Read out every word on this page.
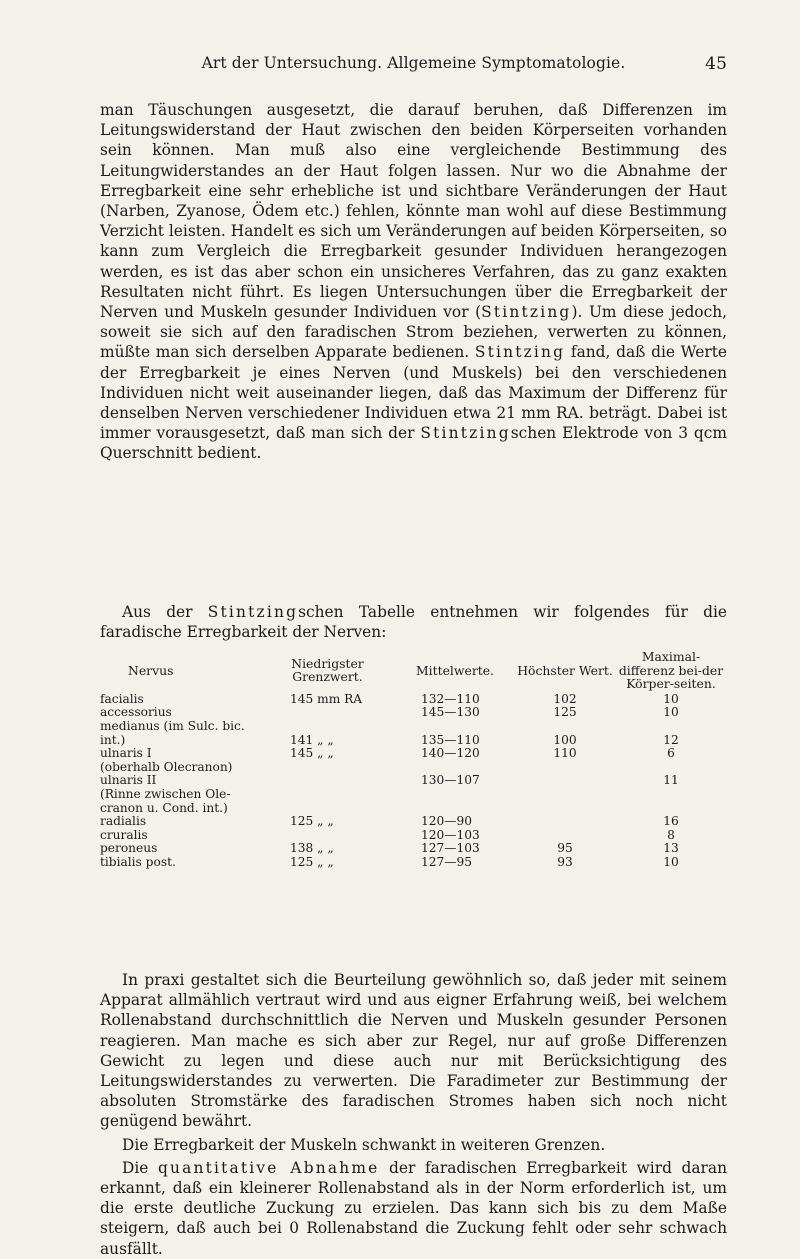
Art der Untersuchung. Allgemeine Symptomatologie.	45

man Täuschungen ausgesetzt, die darauf beruhen, daß Differenzen im Leitungswiderstand der Haut zwischen den beiden Körperseiten vorhanden sein können. Man muß also eine vergleichende Bestimmung des Leitungwiderstandes an der Haut folgen lassen. Nur wo die Abnahme der Erregbarkeit eine sehr erhebliche ist und sichtbare Veränderungen der Haut (Narben, Zyanose, Ödem etc.) fehlen, könnte man wohl auf diese Bestimmung Verzicht leisten. Handelt es sich um Veränderungen auf beiden Körperseiten, so kann zum Vergleich die Erregbarkeit gesunder Individuen herangezogen werden, es ist das aber schon ein unsicheres Verfahren, das zu ganz exakten Resultaten nicht führt. Es liegen Untersuchungen über die Erregbarkeit der Nerven und Muskeln gesunder Individuen vor (Stintzing). Um diese jedoch, soweit sie sich auf den faradischen Strom beziehen, verwerten zu können, müßte man sich derselben Apparate bedienen. Stintzing fand, daß die Werte der Erregbarkeit je eines Nerven (und Muskels) bei den verschiedenen Individuen nicht weit auseinander liegen, daß das Maximum der Differenz für denselben Nerven verschiedener Individuen etwa 21 mm RA. beträgt. Dabei ist immer vorausgesetzt, daß man sich der Stintzingschen Elektrode von 3 qcm Querschnitt bedient.

Aus der Stintzingschen Tabelle entnehmen wir folgendes für die faradische Erregbarkeit der Nerven:

Nervus	Niedrigster Grenzwert.	Mittelwerte.	Höchster Wert.	Maximal-differenz bei-der Körper-seiten.
facialis	145 mm RA	132—110	102	10
accessorius		145—130	125	10
medianus (im Sulc. bic.				
int.)	141 „ „	135—110	100	12
ulnaris I	145 „ „	140—120	110	6
(oberhalb Olecranon)				
ulnaris II		130—107		11
(Rinne zwischen Ole-				
cranon u. Cond. int.)				
radialis	125 „ „	120—90		16
cruralis		120—103		8
peroneus	138 „ „	127—103	95	13
tibialis post.	125 „ „	127—95	93	10

In praxi gestaltet sich die Beurteilung gewöhnlich so, daß jeder mit seinem Apparat allmählich vertraut wird und aus eigner Erfahrung weiß, bei welchem Rollenabstand durchschnittlich die Nerven und Muskeln gesunder Personen reagieren. Man mache es sich aber zur Regel, nur auf große Differenzen Gewicht zu legen und diese auch nur mit Berücksichtigung des Leitungswiderstandes zu verwerten. Die Faradimeter zur Bestimmung der absoluten Stromstärke des faradischen Stromes haben sich noch nicht genügend bewährt.

Die Erregbarkeit der Muskeln schwankt in weiteren Grenzen.

Die quantitative Abnahme der faradischen Erregbarkeit wird daran erkannt, daß ein kleinerer Rollenabstand als in der Norm erforderlich ist, um die erste deutliche Zuckung zu erzielen. Das kann sich bis zu dem Maße steigern, daß auch bei 0 Rollenabstand die Zuckung fehlt oder sehr schwach ausfällt.
